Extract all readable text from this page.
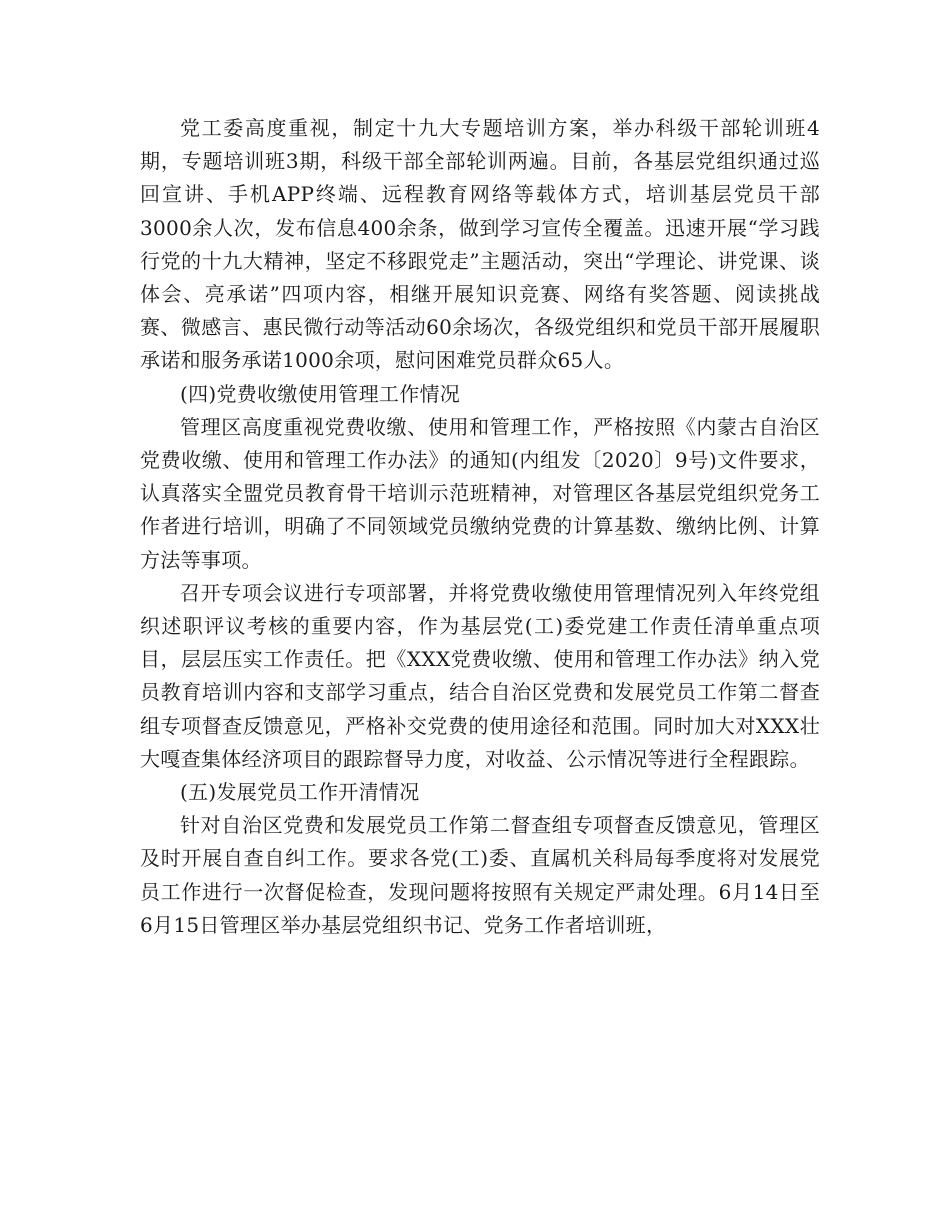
党工委高度重视，制定十九大专题培训方案，举办科级干部轮训班4期，专题培训班3期，科级干部全部轮训两遍。目前，各基层党组织通过巡回宣讲、手机APP终端、远程教育网络等载体方式，培训基层党员干部3000余人次，发布信息400余条，做到学习宣传全覆盖。迅速开展“学习践行党的十九大精神，坚定不移跟党走”主题活动，突出“学理论、讲党课、谈体会、亮承诺”四项内容，相继开展知识竞赛、网络有奖答题、阅读挑战赛、微感言、惠民微行动等活动60余场次，各级党组织和党员干部开展履职承诺和服务承诺1000余项，慰问困难党员群众65人。

(四)党费收缴使用管理工作情况

管理区高度重视党费收缴、使用和管理工作，严格按照《内蒙古自治区党费收缴、使用和管理工作办法》的通知(内组发〔2020〕9号)文件要求，认真落实全盟党员教育骨干培训示范班精神，对管理区各基层党组织党务工作者进行培训，明确了不同领域党员缴纳党费的计算基数、缴纳比例、计算方法等事项。

召开专项会议进行专项部署，并将党费收缴使用管理情况列入年终党组织述职评议考核的重要内容，作为基层党(工)委党建工作责任清单重点项目，层层压实工作责任。把《XXX党费收缴、使用和管理工作办法》纳入党员教育培训内容和支部学习重点，结合自治区党费和发展党员工作第二督查组专项督查反馈意见，严格补交党费的使用途径和范围。同时加大对XXX壮大嘎查集体经济项目的跟踪督导力度，对收益、公示情况等进行全程跟踪。

(五)发展党员工作开清情况

针对自治区党费和发展党员工作第二督查组专项督查反馈意见，管理区及时开展自查自纠工作。要求各党(工)委、直属机关科局每季度将对发展党员工作进行一次督促检查，发现问题将按照有关规定严肃处理。6月14日至6月15日管理区举办基层党组织书记、党务工作者培训班，
